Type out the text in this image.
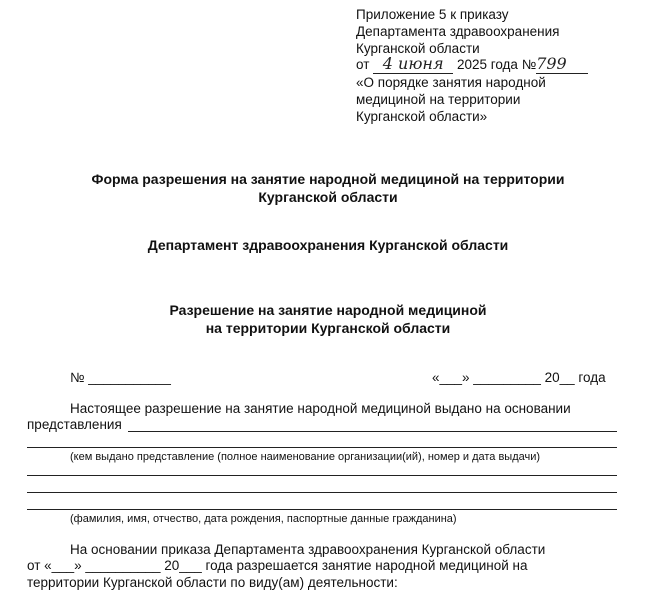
Приложение 5 к приказу
Департамента здравоохранения
Курганской области
от 4 июня 2025 года №799
«О порядке занятия народной
медициной на территории
Курганской области»
Форма разрешения на занятие народной медициной на территории
Курганской области
Департамент здравоохранения Курганской области
Разрешение на занятие народной медициной
на территории Курганской области
№ ___________	«___» _________ 20__ года
Настоящее разрешение на занятие народной медициной выдано на основании
представления
(кем выдано представление (полное наименование организации(ий), номер и дата выдачи)
(фамилия, имя, отчество, дата рождения, паспортные данные гражданина)
На основании приказа Департамента здравоохранения Курганской области
от «___» __________ 20___ года разрешается занятие народной медициной на
территории Курганской области по виду(ам) деятельности:
